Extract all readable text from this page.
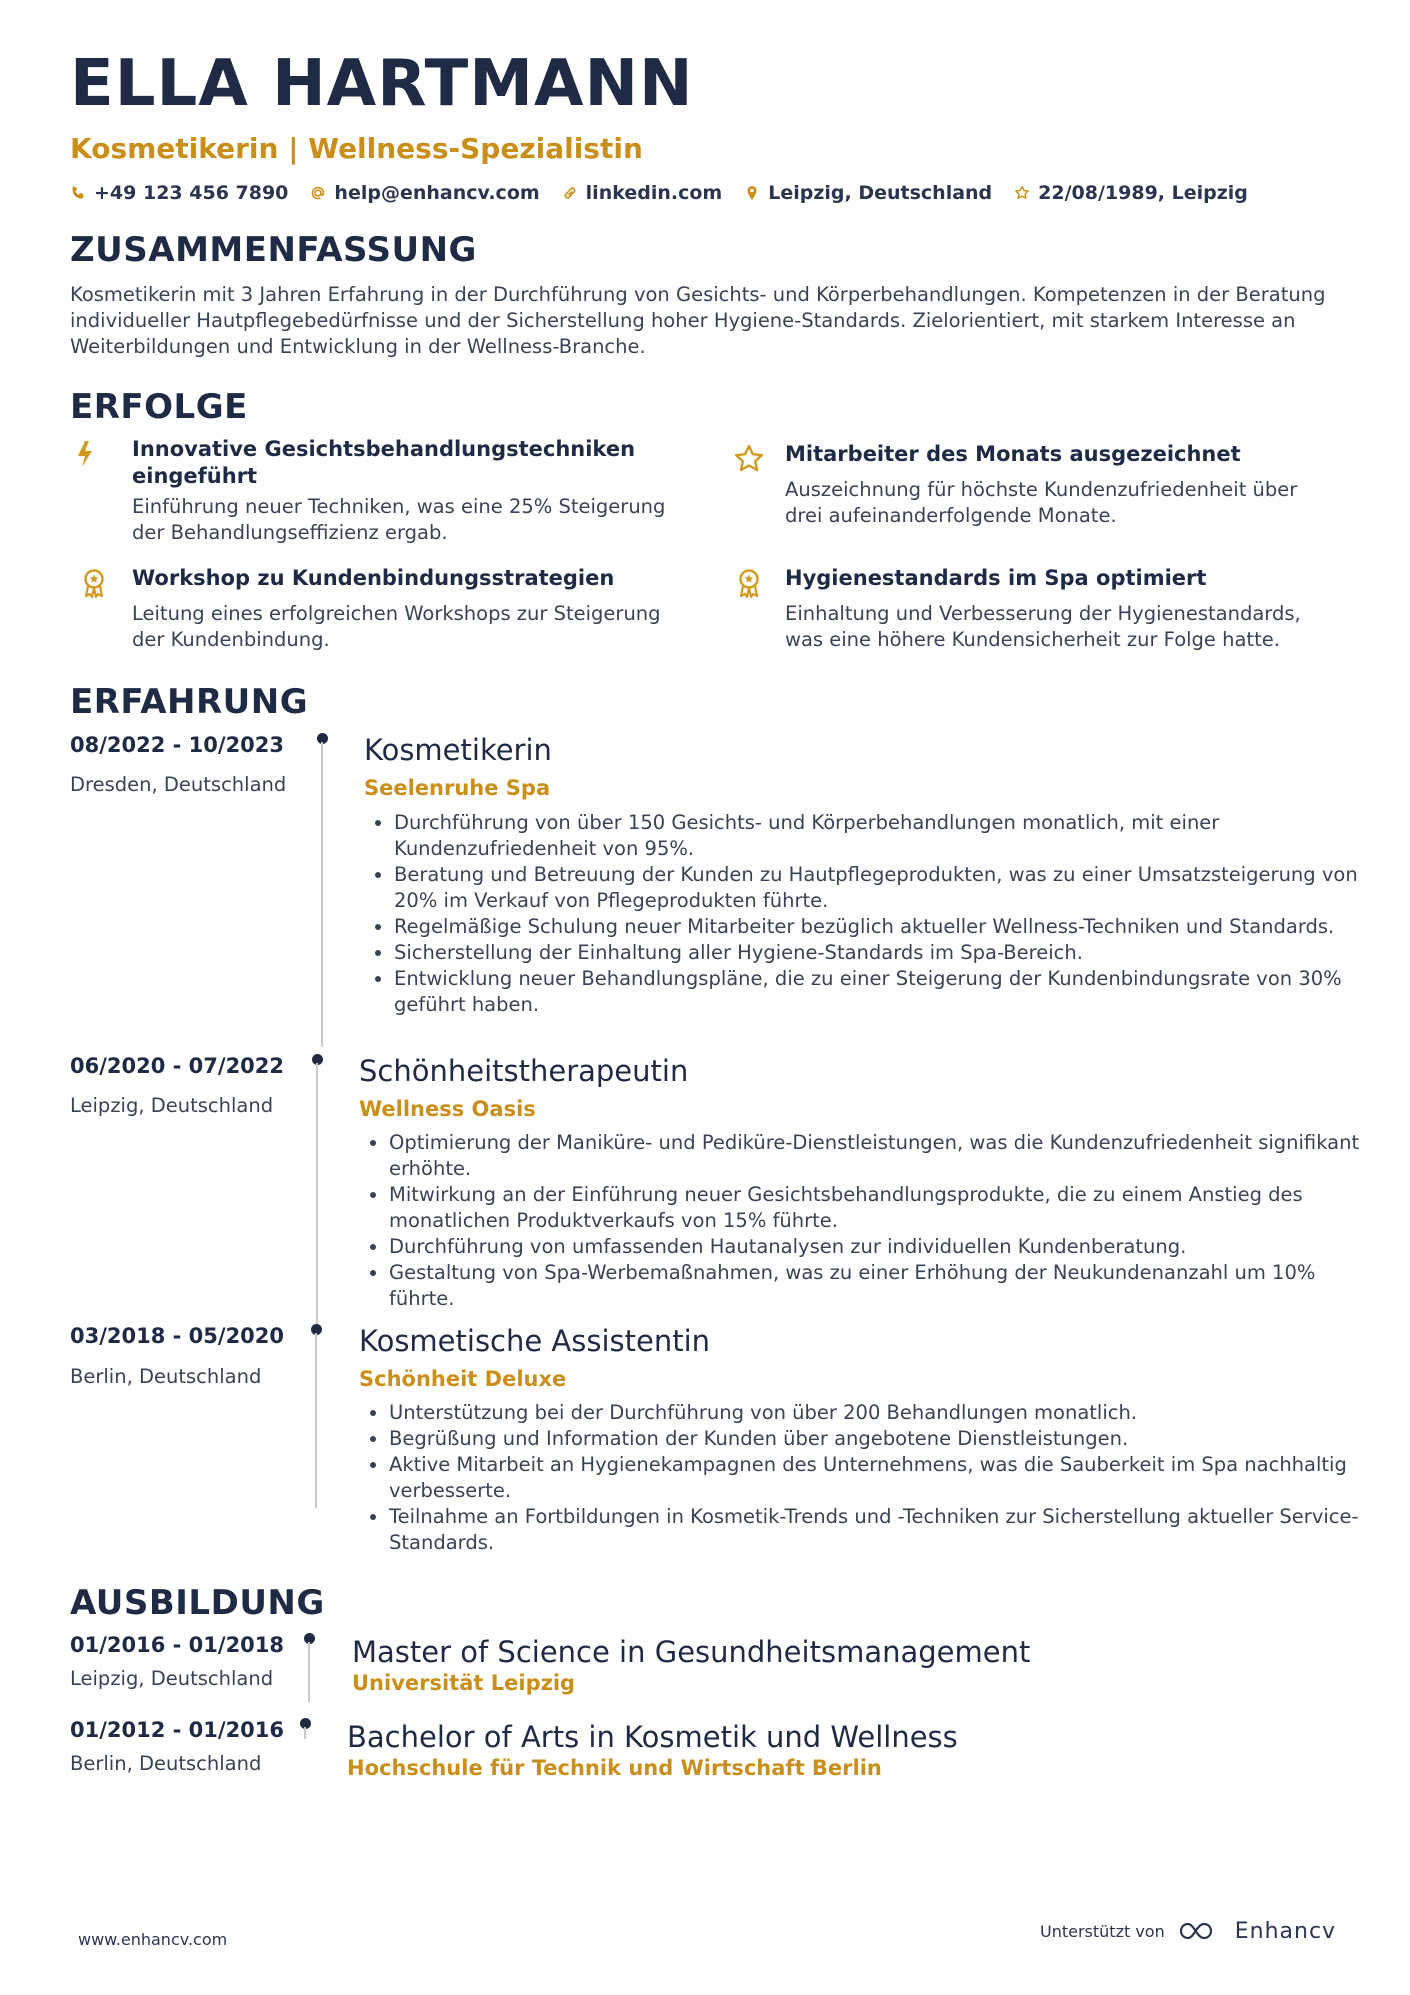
ELLA HARTMANN
Kosmetikerin | Wellness-Spezialistin
+49 123 456 7890 help@enhancv.com linkedin.com Leipzig, Deutschland 22/08/1989, Leipzig
ZUSAMMENFASSUNG
Kosmetikerin mit 3 Jahren Erfahrung in der Durchführung von Gesichts- und Körperbehandlungen. Kompetenzen in der Beratung individueller Hautpflegebedürfnisse und der Sicherstellung hoher Hygiene-Standards. Zielorientiert, mit starkem Interesse an Weiterbildungen und Entwicklung in der Wellness-Branche.
ERFOLGE
Innovative Gesichtsbehandlungstechniken eingeführt
Einführung neuer Techniken, was eine 25% Steigerung der Behandlungseffizienz ergab.
Mitarbeiter des Monats ausgezeichnet
Auszeichnung für höchste Kundenzufriedenheit über drei aufeinanderfolgende Monate.
Workshop zu Kundenbindungsstrategien
Leitung eines erfolgreichen Workshops zur Steigerung der Kundenbindung.
Hygienestandards im Spa optimiert
Einhaltung und Verbesserung der Hygienestandards, was eine höhere Kundensicherheit zur Folge hatte.
ERFAHRUNG
08/2022 - 10/2023
Dresden, Deutschland
Kosmetikerin
Seelenruhe Spa
• Durchführung von über 150 Gesichts- und Körperbehandlungen monatlich, mit einer Kundenzufriedenheit von 95%.
• Beratung und Betreuung der Kunden zu Hautpflegeprodukten, was zu einer Umsatzsteigerung von 20% im Verkauf von Pflegeprodukten führte.
• Regelmäßige Schulung neuer Mitarbeiter bezüglich aktueller Wellness-Techniken und Standards.
• Sicherstellung der Einhaltung aller Hygiene-Standards im Spa-Bereich.
• Entwicklung neuer Behandlungspläne, die zu einer Steigerung der Kundenbindungsrate von 30% geführt haben.
06/2020 - 07/2022
Leipzig, Deutschland
Schönheitstherapeutin
Wellness Oasis
• Optimierung der Maniküre- und Pediküre-Dienstleistungen, was die Kundenzufriedenheit signifikant erhöhte.
• Mitwirkung an der Einführung neuer Gesichtsbehandlungsprodukte, die zu einem Anstieg des monatlichen Produktverkaufs von 15% führte.
• Durchführung von umfassenden Hautanalysen zur individuellen Kundenberatung.
• Gestaltung von Spa-Werbemaßnahmen, was zu einer Erhöhung der Neukundenanzahl um 10% führte.
03/2018 - 05/2020
Berlin, Deutschland
Kosmetische Assistentin
Schönheit Deluxe
• Unterstützung bei der Durchführung von über 200 Behandlungen monatlich.
• Begrüßung und Information der Kunden über angebotene Dienstleistungen.
• Aktive Mitarbeit an Hygienekampagnen des Unternehmens, was die Sauberkeit im Spa nachhaltig verbesserte.
• Teilnahme an Fortbildungen in Kosmetik-Trends und -Techniken zur Sicherstellung aktueller Service-Standards.
AUSBILDUNG
01/2016 - 01/2018
Leipzig, Deutschland
Master of Science in Gesundheitsmanagement
Universität Leipzig
01/2012 - 01/2016
Berlin, Deutschland
Bachelor of Arts in Kosmetik und Wellness
Hochschule für Technik und Wirtschaft Berlin
www.enhancv.com	Unterstützt von	Enhancv
